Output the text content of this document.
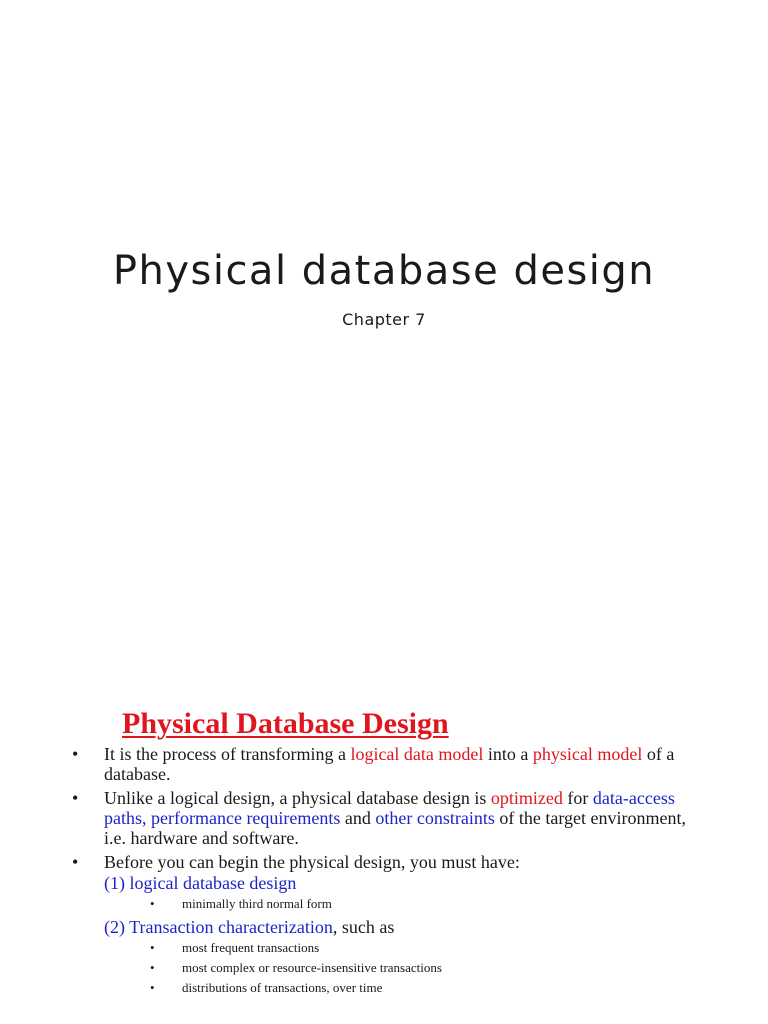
Physical database design
Chapter 7
Physical Database Design
• It is the process of transforming a logical data model into a physical model of a database.
• Unlike a logical design, a physical database design is optimized for data-access paths, performance requirements and other constraints of the target environment, i.e. hardware and software.
• Before you can begin the physical design, you must have:
(1) logical database design
• minimally third normal form
(2) Transaction characterization, such as
• most frequent transactions
• most complex or resource-insensitive transactions
• distributions of transactions, over time
